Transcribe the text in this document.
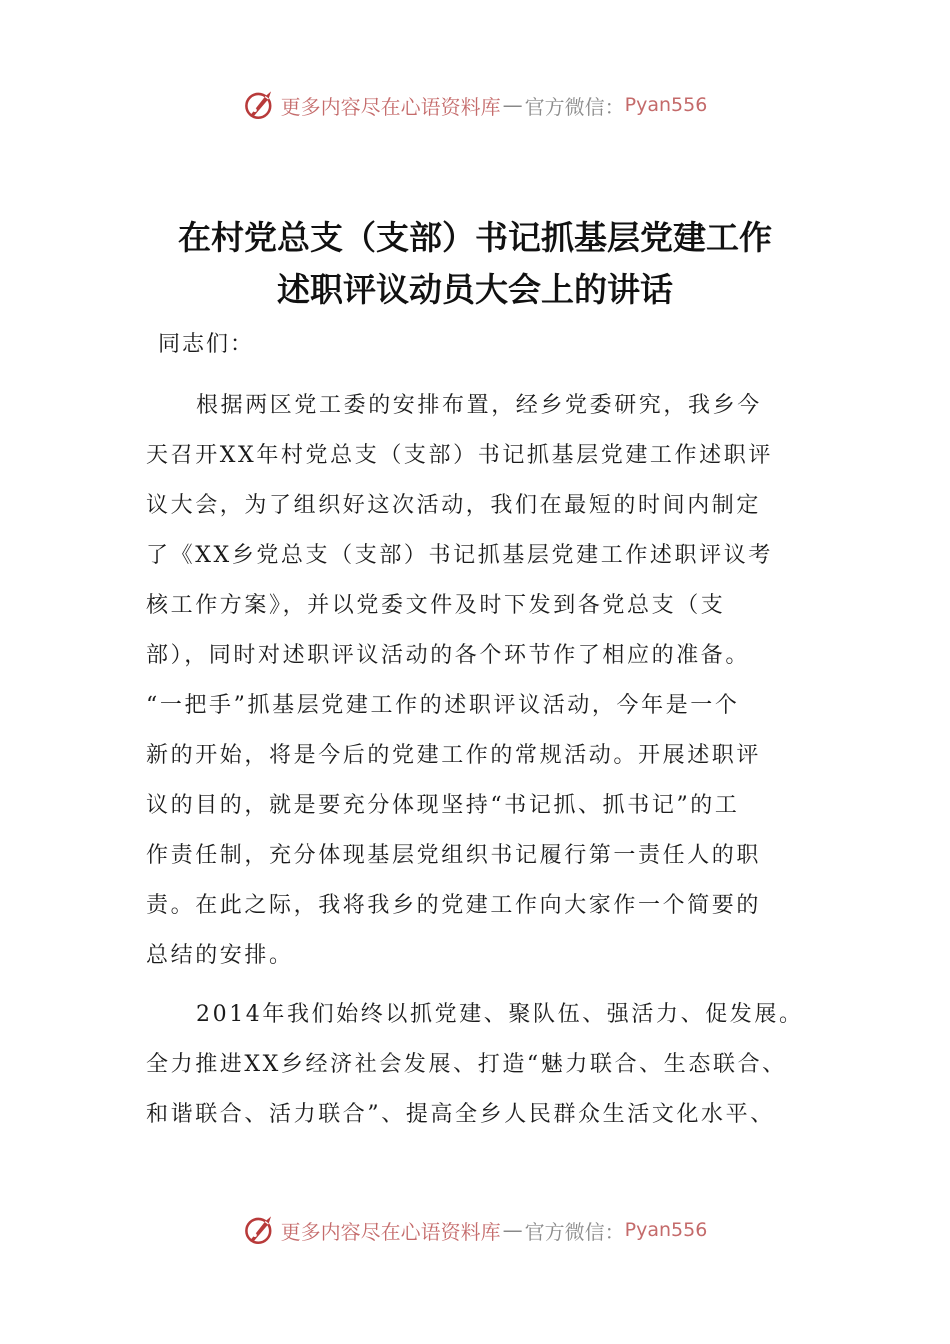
更多内容尽在心语资料库 — 官方微信： Pyan556
在村党总支（支部）书记抓基层党建工作
述职评议动员大会上的讲话

同志们：

根据两区党工委的安排布置，经乡党委研究，我乡今
天召开XX年村党总支（支部）书记抓基层党建工作述职评
议大会，为了组织好这次活动，我们在最短的时间内制定
了《XX乡党总支（支部）书记抓基层党建工作述职评议考
核工作方案》，并以党委文件及时下发到各党总支（支
部），同时对述职评议活动的各个环节作了相应的准备。
“一把手”抓基层党建工作的述职评议活动，今年是一个
新的开始，将是今后的党建工作的常规活动。开展述职评
议的目的，就是要充分体现坚持“书记抓、抓书记”的工
作责任制，充分体现基层党组织书记履行第一责任人的职
责。在此之际，我将我乡的党建工作向大家作一个简要的
总结的安排。
2014年我们始终以抓党建、聚队伍、强活力、促发展。
全力推进XX乡经济社会发展、打造“魅力联合、生态联合、
和谐联合、活力联合”、提高全乡人民群众生活文化水平、
更多内容尽在心语资料库 — 官方微信： Pyan556
